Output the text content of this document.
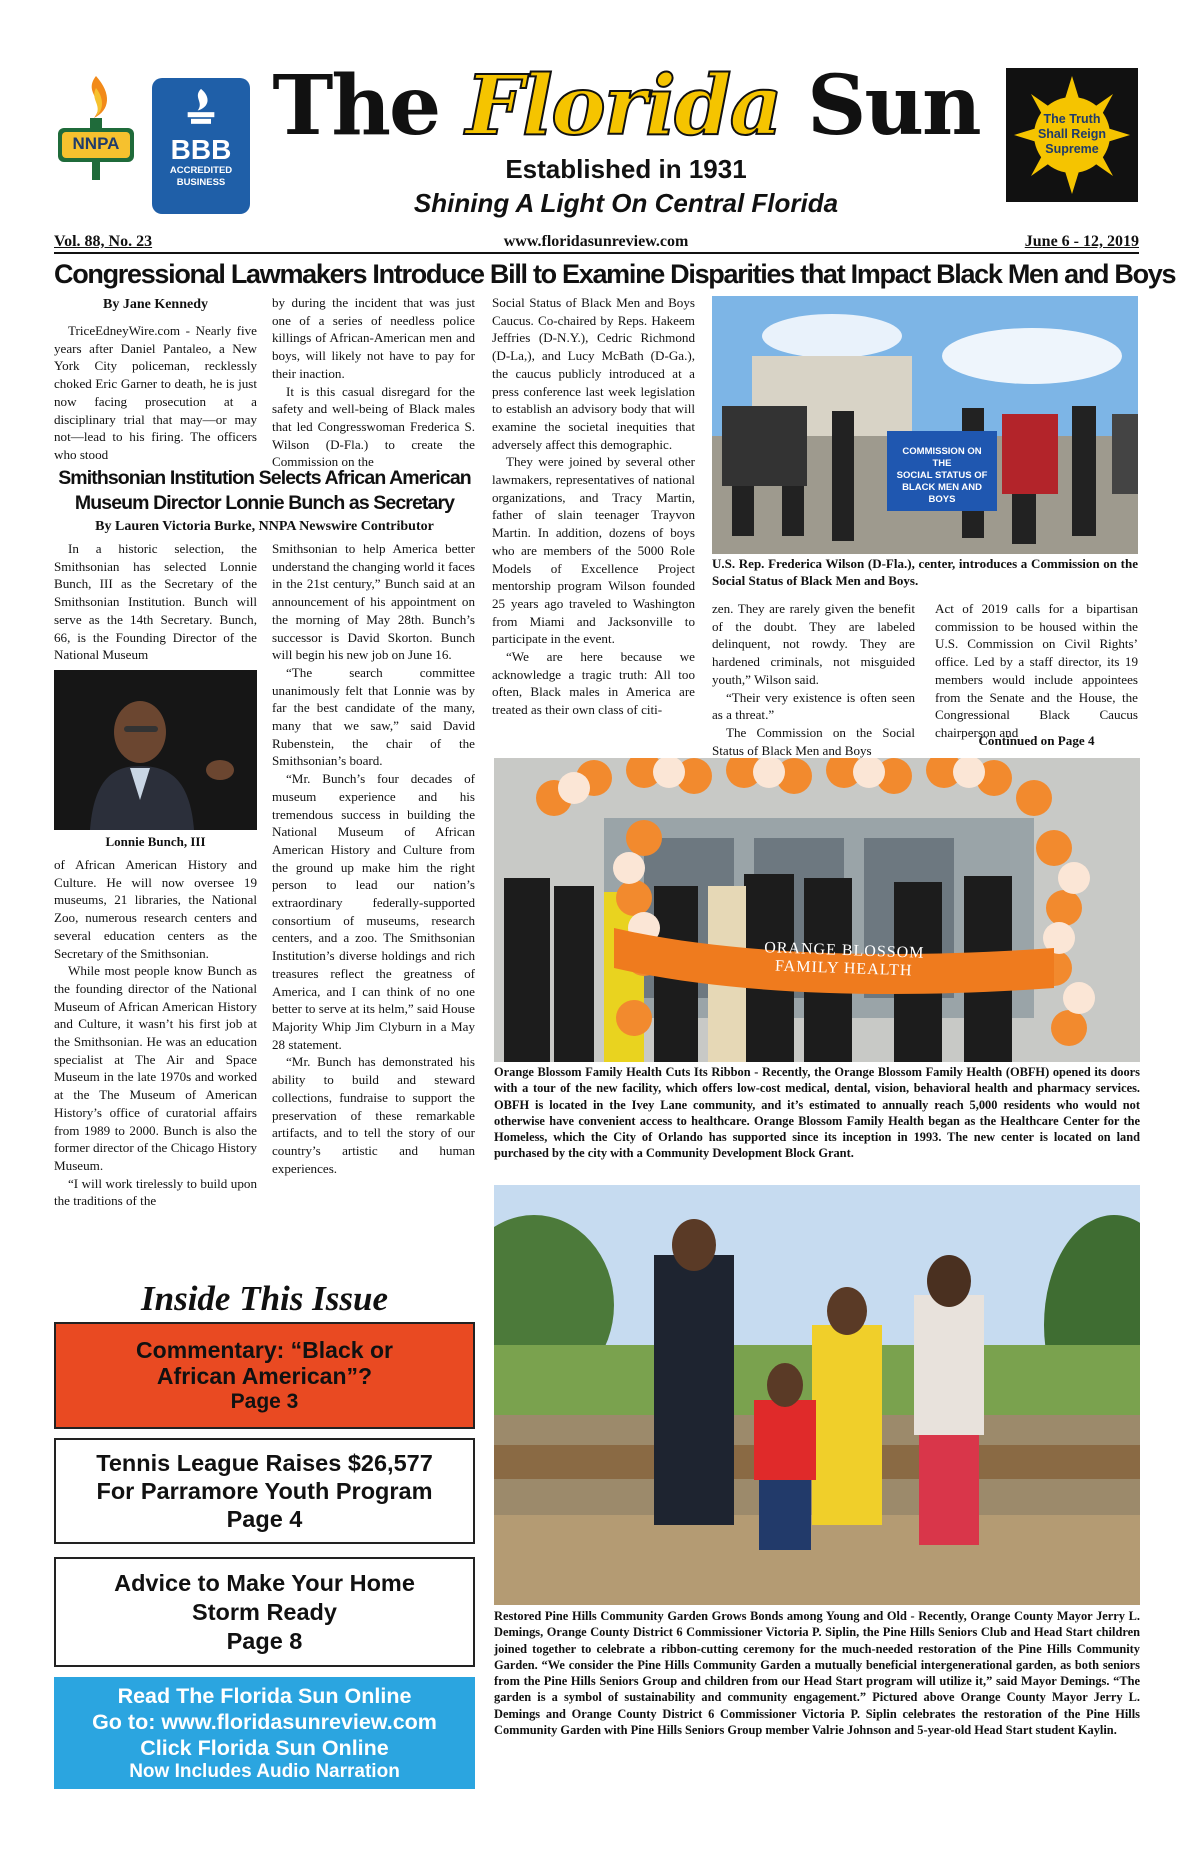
NNPA	BBB
ACCREDITED
BUSINESS
The Florida Sun
Established in 1931
Shining A Light On Central Florida
The Truth
Shall Reign
Supreme
Vol. 88, No. 23	www.floridasunreview.com	June 6 - 12, 2019
Congressional Lawmakers Introduce Bill to Examine Disparities that Impact Black Men and Boys
By Jane Kennedy

TriceEdneyWire.com - Nearly five years after Daniel Pantaleo, a New York City policeman, recklessly choked Eric Garner to death, he is just now facing prosecution at a disciplinary trial that may—or may not—lead to his firing. The officers who stood

by during the incident that was just one of a series of needless police killings of African-American men and boys, will likely not have to pay for their inaction.

It is this casual disregard for the safety and well-being of Black males that led Congresswoman Frederica S. Wilson (D-Fla.) to create the Commission on the

Social Status of Black Men and Boys Caucus. Co-chaired by Reps. Hakeem Jeffries (D-N.Y.), Cedric Richmond (D-La,), and Lucy McBath (D-Ga.), the caucus publicly introduced at a press conference last week legislation to establish an advisory body that will examine the societal inequities that adversely affect this demographic.

They were joined by several other lawmakers, representatives of national organizations, and Tracy Martin, father of slain teenager Trayvon Martin. In addition, dozens of boys who are members of the 5000 Role Models of Excellence Project mentorship program Wilson founded 25 years ago traveled to Washington from Miami and Jacksonville to participate in the event.

“We are here because we acknowledge a tragic truth: All too often, Black males in America are treated as their own class of citi-

COMMISSION ON THE
SOCIAL STATUS OF
BLACK MEN AND BOYS
U.S. Rep. Frederica Wilson (D-Fla.), center, introduces a Commission on the Social Status of Black Men and Boys.

zen. They are rarely given the benefit of the doubt. They are labeled delinquent, not rowdy. They are hardened criminals, not misguided youth,” Wilson said.

“Their very existence is often seen as a threat.”

The Commission on the Social Status of Black Men and Boys

Act of 2019 calls for a bipartisan commission to be housed within the U.S. Commission on Civil Rights’ office. Led by a staff director, its 19 members would include appointees from the Senate and the House, the Congressional Black Caucus chairperson and

Continued on Page 4
Smithsonian Institution Selects African American
Museum Director Lonnie Bunch as Secretary
By Lauren Victoria Burke, NNPA Newswire Contributor

In a historic selection, the Smithsonian has selected Lonnie Bunch, III as the Secretary of the Smithsonian Institution. Bunch will serve as the 14th Secretary. Bunch, 66, is the Founding Director of the National Museum

Lonnie Bunch, III

of African American History and Culture. He will now oversee 19 museums, 21 libraries, the National Zoo, numerous research centers and several education centers as the Secretary of the Smithsonian.

While most people know Bunch as the founding director of the National Museum of African American History and Culture, it wasn’t his first job at the Smithsonian. He was an education specialist at The Air and Space Museum in the late 1970s and worked at the The Museum of American History’s office of curatorial affairs from 1989 to 2000. Bunch is also the former director of the Chicago History Museum.

“I will work tirelessly to build upon the traditions of the

Smithsonian to help America better understand the changing world it faces in the 21st century,” Bunch said at an announcement of his appointment on the morning of May 28th. Bunch’s successor is David Skorton. Bunch will begin his new job on June 16.

“The search committee unanimously felt that Lonnie was by far the best candidate of the many, many that we saw,” said David Rubenstein, the chair of the Smithsonian’s board.

“Mr. Bunch’s four decades of museum experience and his tremendous success in building the National Museum of African American History and Culture from the ground up make him the right person to lead our nation’s extraordinary federally-supported consortium of museums, research centers, and a zoo. The Smithsonian Institution’s diverse holdings and rich treasures reflect the greatness of America, and I can think of no one better to serve at its helm,” said House Majority Whip Jim Clyburn in a May 28 statement.

“Mr. Bunch has demonstrated his ability to build and steward collections, fundraise to support the preservation of these remarkable artifacts, and to tell the story of our country’s artistic and human experiences.

ORANGE BLOSSOM
FAMILY HEALTH
Orange Blossom Family Health Cuts Its Ribbon - Recently, the Orange Blossom Family Health (OBFH) opened its doors with a tour of the new facility, which offers low-cost medical, dental, vision, behavioral health and pharmacy services. OBFH is located in the Ivey Lane community, and it’s estimated to annually reach 5,000 residents who would not otherwise have convenient access to healthcare. Orange Blossom Family Health began as the Healthcare Center for the Homeless, which the City of Orlando has supported since its inception in 1993. The new center is located on land purchased by the city with a Community Development Block Grant.
Restored Pine Hills Community Garden Grows Bonds among Young and Old - Recently, Orange County Mayor Jerry L. Demings, Orange County District 6 Commissioner Victoria P. Siplin, the Pine Hills Seniors Club and Head Start children joined together to celebrate a ribbon-cutting ceremony for the much-needed restoration of the Pine Hills Community Garden. “We consider the Pine Hills Community Garden a mutually beneficial intergenerational garden, as both seniors from the Pine Hills Seniors Group and children from our Head Start program will utilize it,” said Mayor Demings. “The garden is a symbol of sustainability and community engagement.” Pictured above Orange County Mayor Jerry L. Demings and Orange County District 6 Commissioner Victoria P. Siplin celebrates the restoration of the Pine Hills Community Garden with Pine Hills Seniors Group member Valrie Johnson and 5-year-old Head Start student Kaylin.
Inside This Issue
Commentary: “Black or
African American”?
Page 3
Tennis League Raises $26,577
For Parramore Youth Program
Page 4
Advice to Make Your Home
Storm Ready
Page 8
Read The Florida Sun Online
Go to: www.floridasunreview.com
Click Florida Sun Online
Now Includes Audio Narration
